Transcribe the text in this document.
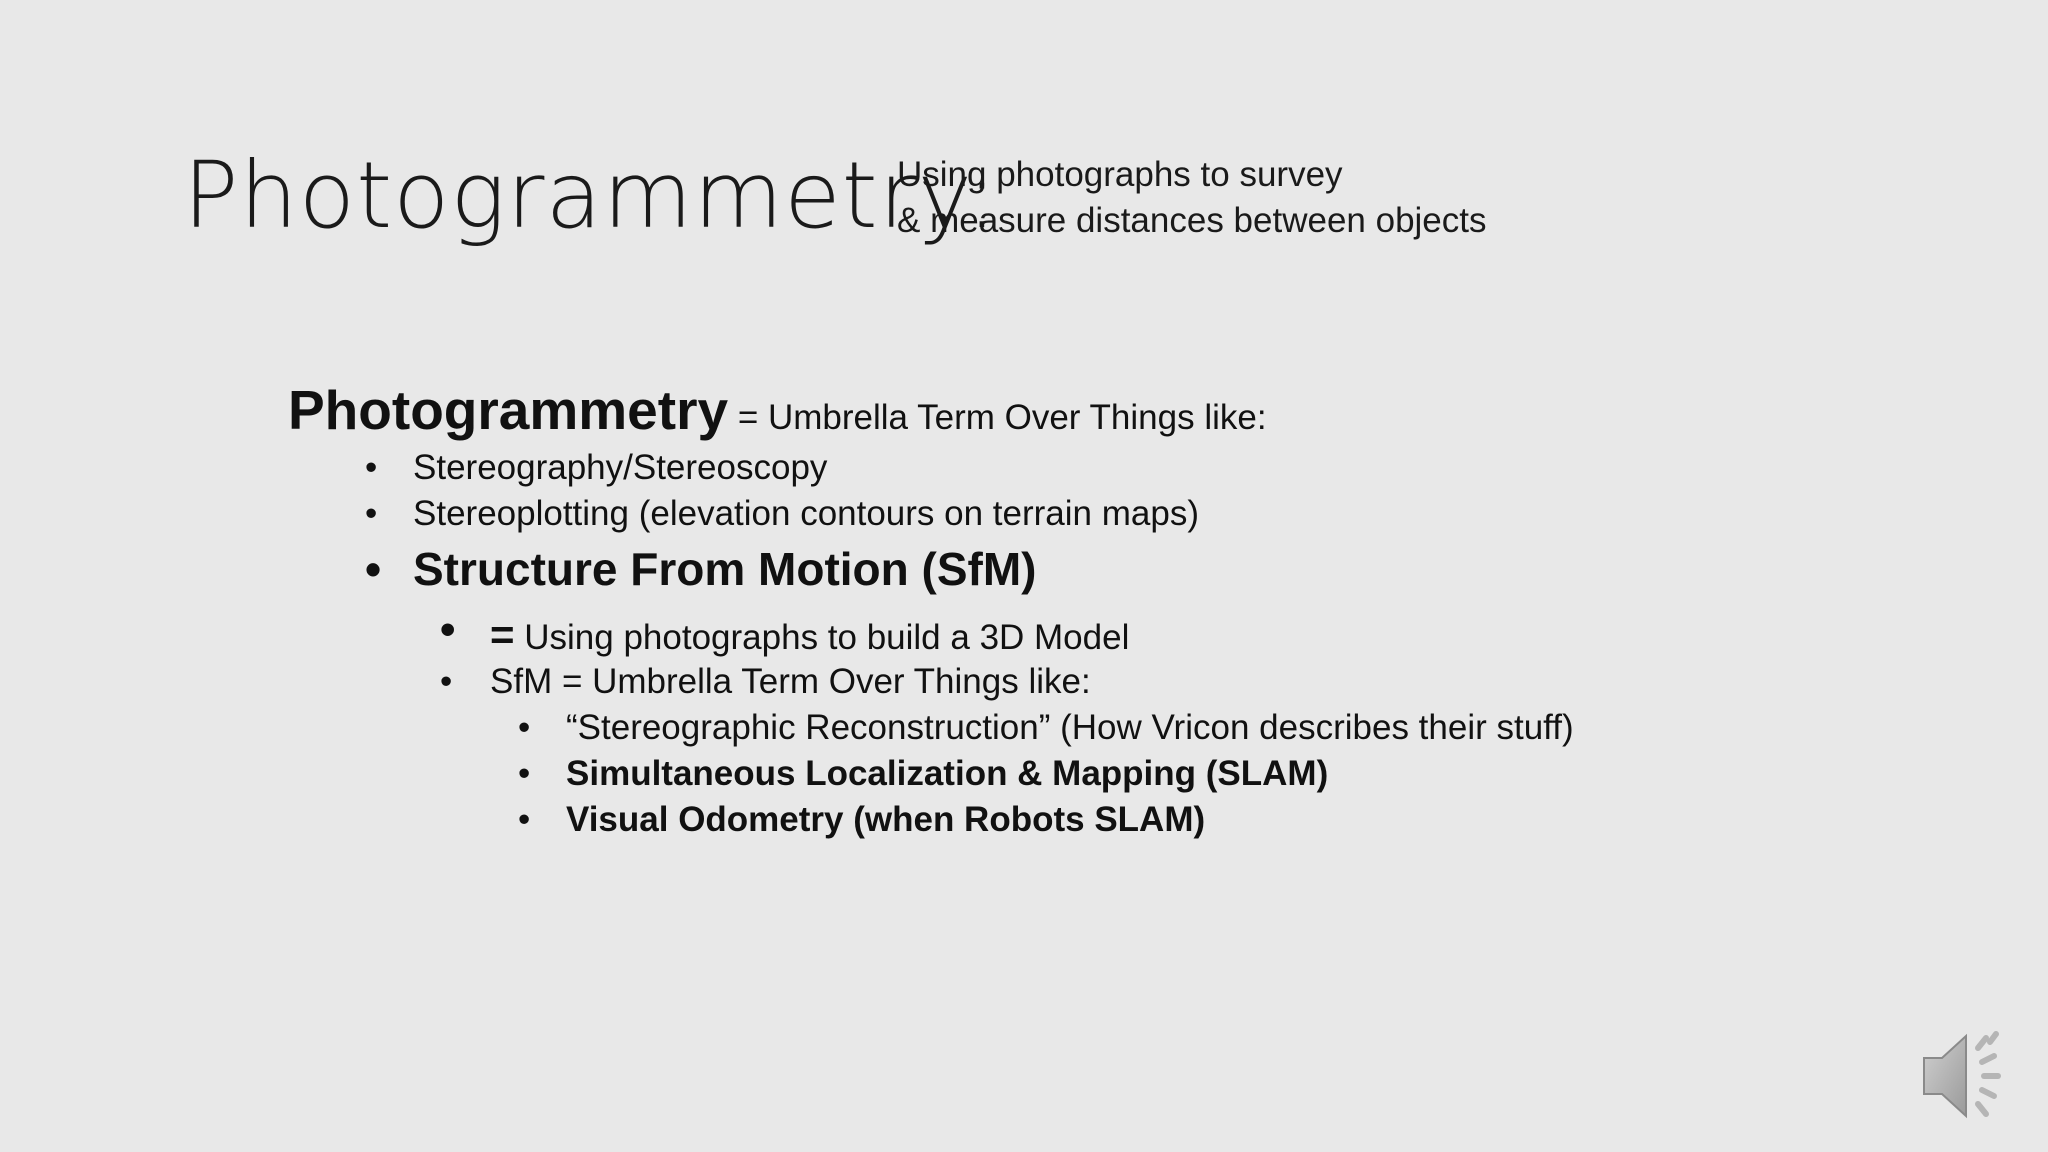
Photogrammetry:
Using photographs to survey
& measure distances between objects
Photogrammetry = Umbrella Term Over Things like:
• Stereography/Stereoscopy
• Stereoplotting (elevation contours on terrain maps)
• Structure From Motion (SfM)
• = Using photographs to build a 3D Model
• SfM = Umbrella Term Over Things like:
• “Stereographic Reconstruction” (How Vricon describes their stuff)
• Simultaneous Localization & Mapping (SLAM)
• Visual Odometry (when Robots SLAM)
